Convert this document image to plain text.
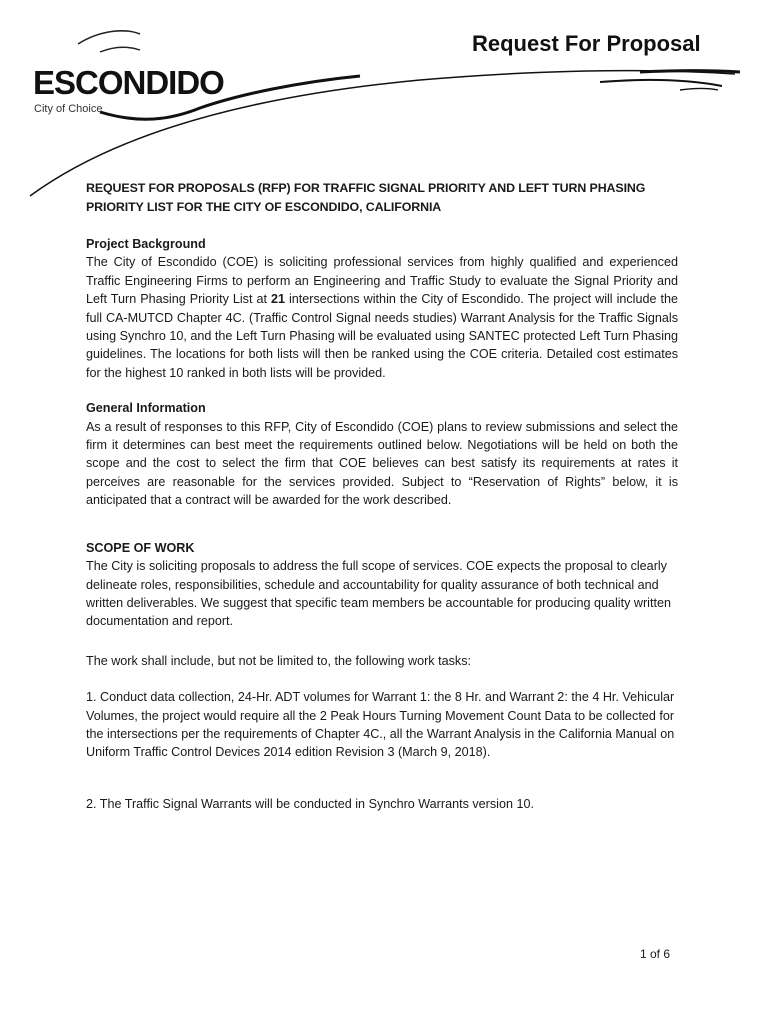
ESCONDIDO
City of Choice
Request For Proposal

REQUEST FOR PROPOSALS (RFP) FOR TRAFFIC SIGNAL PRIORITY AND LEFT TURN PHASING PRIORITY LIST FOR THE CITY OF ESCONDIDO, CALIFORNIA

Project Background

The City of Escondido (COE) is soliciting professional services from highly qualified and experienced Traffic Engineering Firms to perform an Engineering and Traffic Study to evaluate the Signal Priority and Left Turn Phasing Priority List at 21 intersections within the City of Escondido. The project will include the full CA-MUTCD Chapter 4C. (Traffic Control Signal needs studies) Warrant Analysis for the Traffic Signals using Synchro 10, and the Left Turn Phasing will be evaluated using SANTEC protected Left Turn Phasing guidelines. The locations for both lists will then be ranked using the COE criteria. Detailed cost estimates for the highest 10 ranked in both lists will be provided.

General Information

As a result of responses to this RFP, City of Escondido (COE) plans to review submissions and select the firm it determines can best meet the requirements outlined below. Negotiations will be held on both the scope and the cost to select the firm that COE believes can best satisfy its requirements at rates it perceives are reasonable for the services provided. Subject to “Reservation of Rights” below, it is anticipated that a contract will be awarded for the work described.

SCOPE OF WORK

The City is soliciting proposals to address the full scope of services. COE expects the proposal to clearly delineate roles, responsibilities, schedule and accountability for quality assurance of both technical and written deliverables. We suggest that specific team members be accountable for producing quality written documentation and report.

The work shall include, but not be limited to, the following work tasks:

1. Conduct data collection, 24-Hr. ADT volumes for Warrant 1: the 8 Hr. and Warrant 2: the 4 Hr. Vehicular Volumes, the project would require all the 2 Peak Hours Turning Movement Count Data to be collected for the intersections per the requirements of Chapter 4C., all the Warrant Analysis in the California Manual on Uniform Traffic Control Devices 2014 edition Revision 3 (March 9, 2018).

2. The Traffic Signal Warrants will be conducted in Synchro Warrants version 10.

1 of 6
